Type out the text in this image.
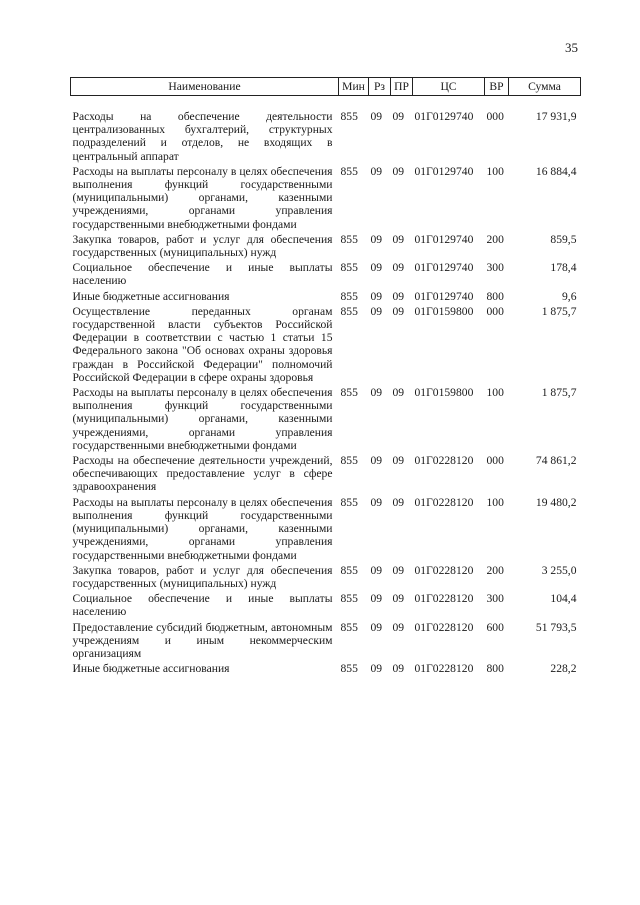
35
Наименование	Мин	Рз	ПР	ЦС	ВР	Сумма
Расходы на обеспечение деятельности централизованных бухгалтерий, структурных подразделений и отделов, не входящих в центральный аппарат	855	09	09	01Г0129740	000	17 931,9
Расходы на выплаты персоналу в целях обеспечения выполнения функций государственными (муниципальными) органами, казенными учреждениями, органами управления государственными внебюджетными фондами	855	09	09	01Г0129740	100	16 884,4
Закупка товаров, работ и услуг для обеспечения государственных (муниципальных) нужд	855	09	09	01Г0129740	200	859,5
Социальное обеспечение и иные выплаты населению	855	09	09	01Г0129740	300	178,4
Иные бюджетные ассигнования	855	09	09	01Г0129740	800	9,6
Осуществление переданных органам государственной власти субъектов Российской Федерации в соответствии с частью 1 статьи 15 Федерального закона "Об основах охраны здоровья граждан в Российской Федерации" полномочий Российской Федерации в сфере охраны здоровья	855	09	09	01Г0159800	000	1 875,7
Расходы на выплаты персоналу в целях обеспечения выполнения функций государственными (муниципальными) органами, казенными учреждениями, органами управления государственными внебюджетными фондами	855	09	09	01Г0159800	100	1 875,7
Расходы на обеспечение деятельности учреждений, обеспечивающих предоставление услуг в сфере здравоохранения	855	09	09	01Г0228120	000	74 861,2
Расходы на выплаты персоналу в целях обеспечения выполнения функций государственными (муниципальными) органами, казенными учреждениями, органами управления государственными внебюджетными фондами	855	09	09	01Г0228120	100	19 480,2
Закупка товаров, работ и услуг для обеспечения государственных (муниципальных) нужд	855	09	09	01Г0228120	200	3 255,0
Социальное обеспечение и иные выплаты населению	855	09	09	01Г0228120	300	104,4
Предоставление субсидий бюджетным, автономным учреждениям и иным некоммерческим организациям	855	09	09	01Г0228120	600	51 793,5
Иные бюджетные ассигнования	855	09	09	01Г0228120	800	228,2
